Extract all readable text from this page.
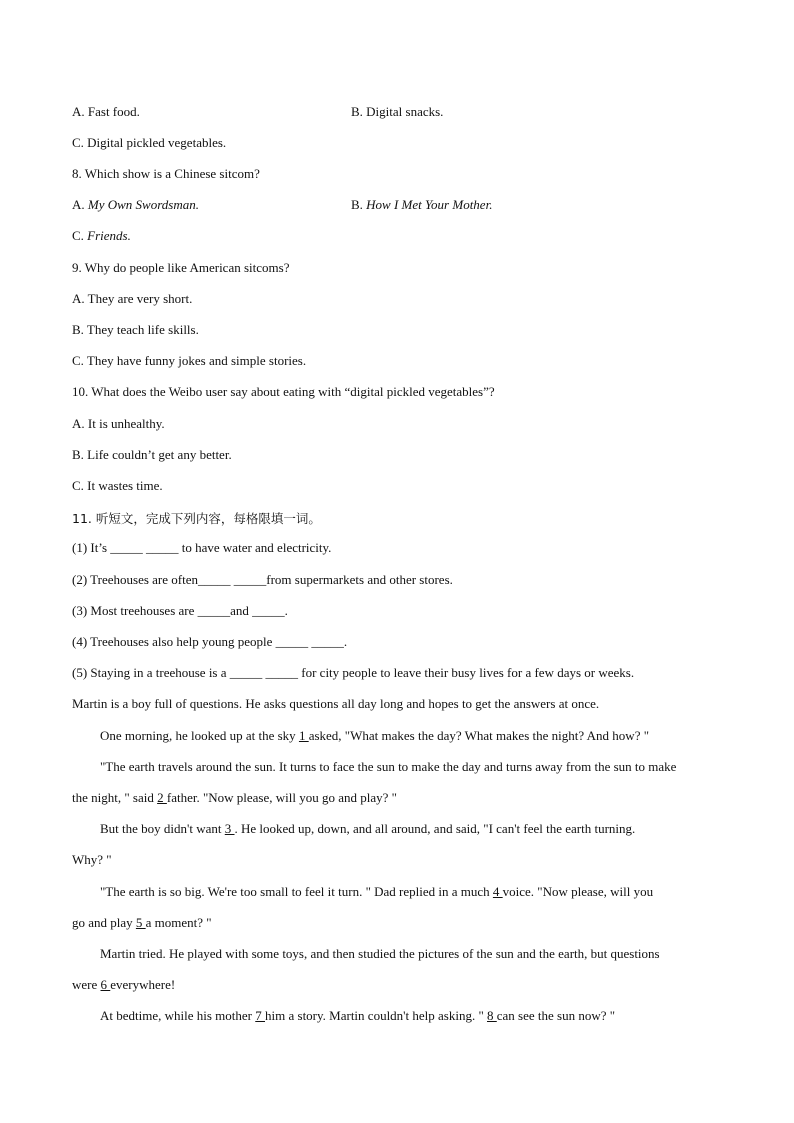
A. Fast food.	B. Digital snacks.
C. Digital pickled vegetables.
8. Which show is a Chinese sitcom?
A. My Own Swordsman.	B. How I Met Your Mother.
C. Friends.
9. Why do people like American sitcoms?
A. They are very short.
B. They teach life skills.
C. They have funny jokes and simple stories.
10. What does the Weibo user say about eating with “digital pickled vegetables”?
A. It is unhealthy.
B. Life couldn’t get any better.
C. It wastes time.
11. 听短文，完成下列内容，每格限填一词。
(1) It’s _____ _____ to have water and electricity.
(2) Treehouses are often_____ _____from supermarkets and other stores.
(3) Most treehouses are _____and _____.
(4) Treehouses also help young people _____ _____.
(5) Staying in a treehouse is a _____ _____ for city people to leave their busy lives for a few days or weeks.
Martin is a boy full of questions. He asks questions all day long and hopes to get the answers at once.
One morning, he looked up at the sky 1 asked, "What makes the day? What makes the night? And how? "
"The earth travels around the sun. It turns to face the sun to make the day and turns away from the sun to make
the night, " said 2 father. "Now please, will you go and play? "
But the boy didn't want 3 . He looked up, down, and all around, and said, "I can't feel the earth turning.
Why? "
"The earth is so big. We're too small to feel it turn. " Dad replied in a much 4 voice. "Now please, will you
go and play 5 a moment? "
Martin tried. He played with some toys, and then studied the pictures of the sun and the earth, but questions
were 6 everywhere!
At bedtime, while his mother 7 him a story. Martin couldn't help asking. " 8 can see the sun now? "
